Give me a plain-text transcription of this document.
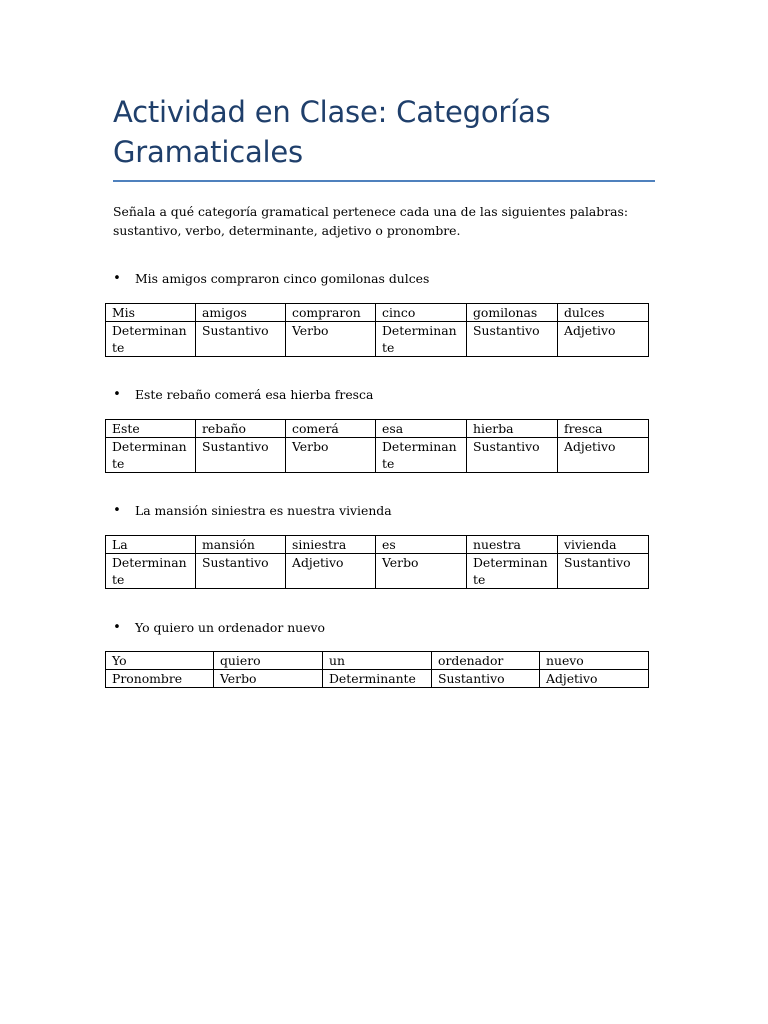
Actividad en Clase: Categorías Gramaticales
Señala a qué categoría gramatical pertenece cada una de las siguientes palabras: sustantivo, verbo, determinante, adjetivo o pronombre.
• Mis amigos compraron cinco gomilonas dulces
Mis	amigos	compraron	cinco	gomilonas	dulces
Determinante	Sustantivo	Verbo	Determinante	Sustantivo	Adjetivo
• Este rebaño comerá esa hierba fresca
Este	rebaño	comerá	esa	hierba	fresca
Determinante	Sustantivo	Verbo	Determinante	Sustantivo	Adjetivo
• La mansión siniestra es nuestra vivienda
La	mansión	siniestra	es	nuestra	vivienda
Determinante	Sustantivo	Adjetivo	Verbo	Determinante	Sustantivo
• Yo quiero un ordenador nuevo
Yo	quiero	un	ordenador	nuevo
Pronombre	Verbo	Determinante	Sustantivo	Adjetivo
